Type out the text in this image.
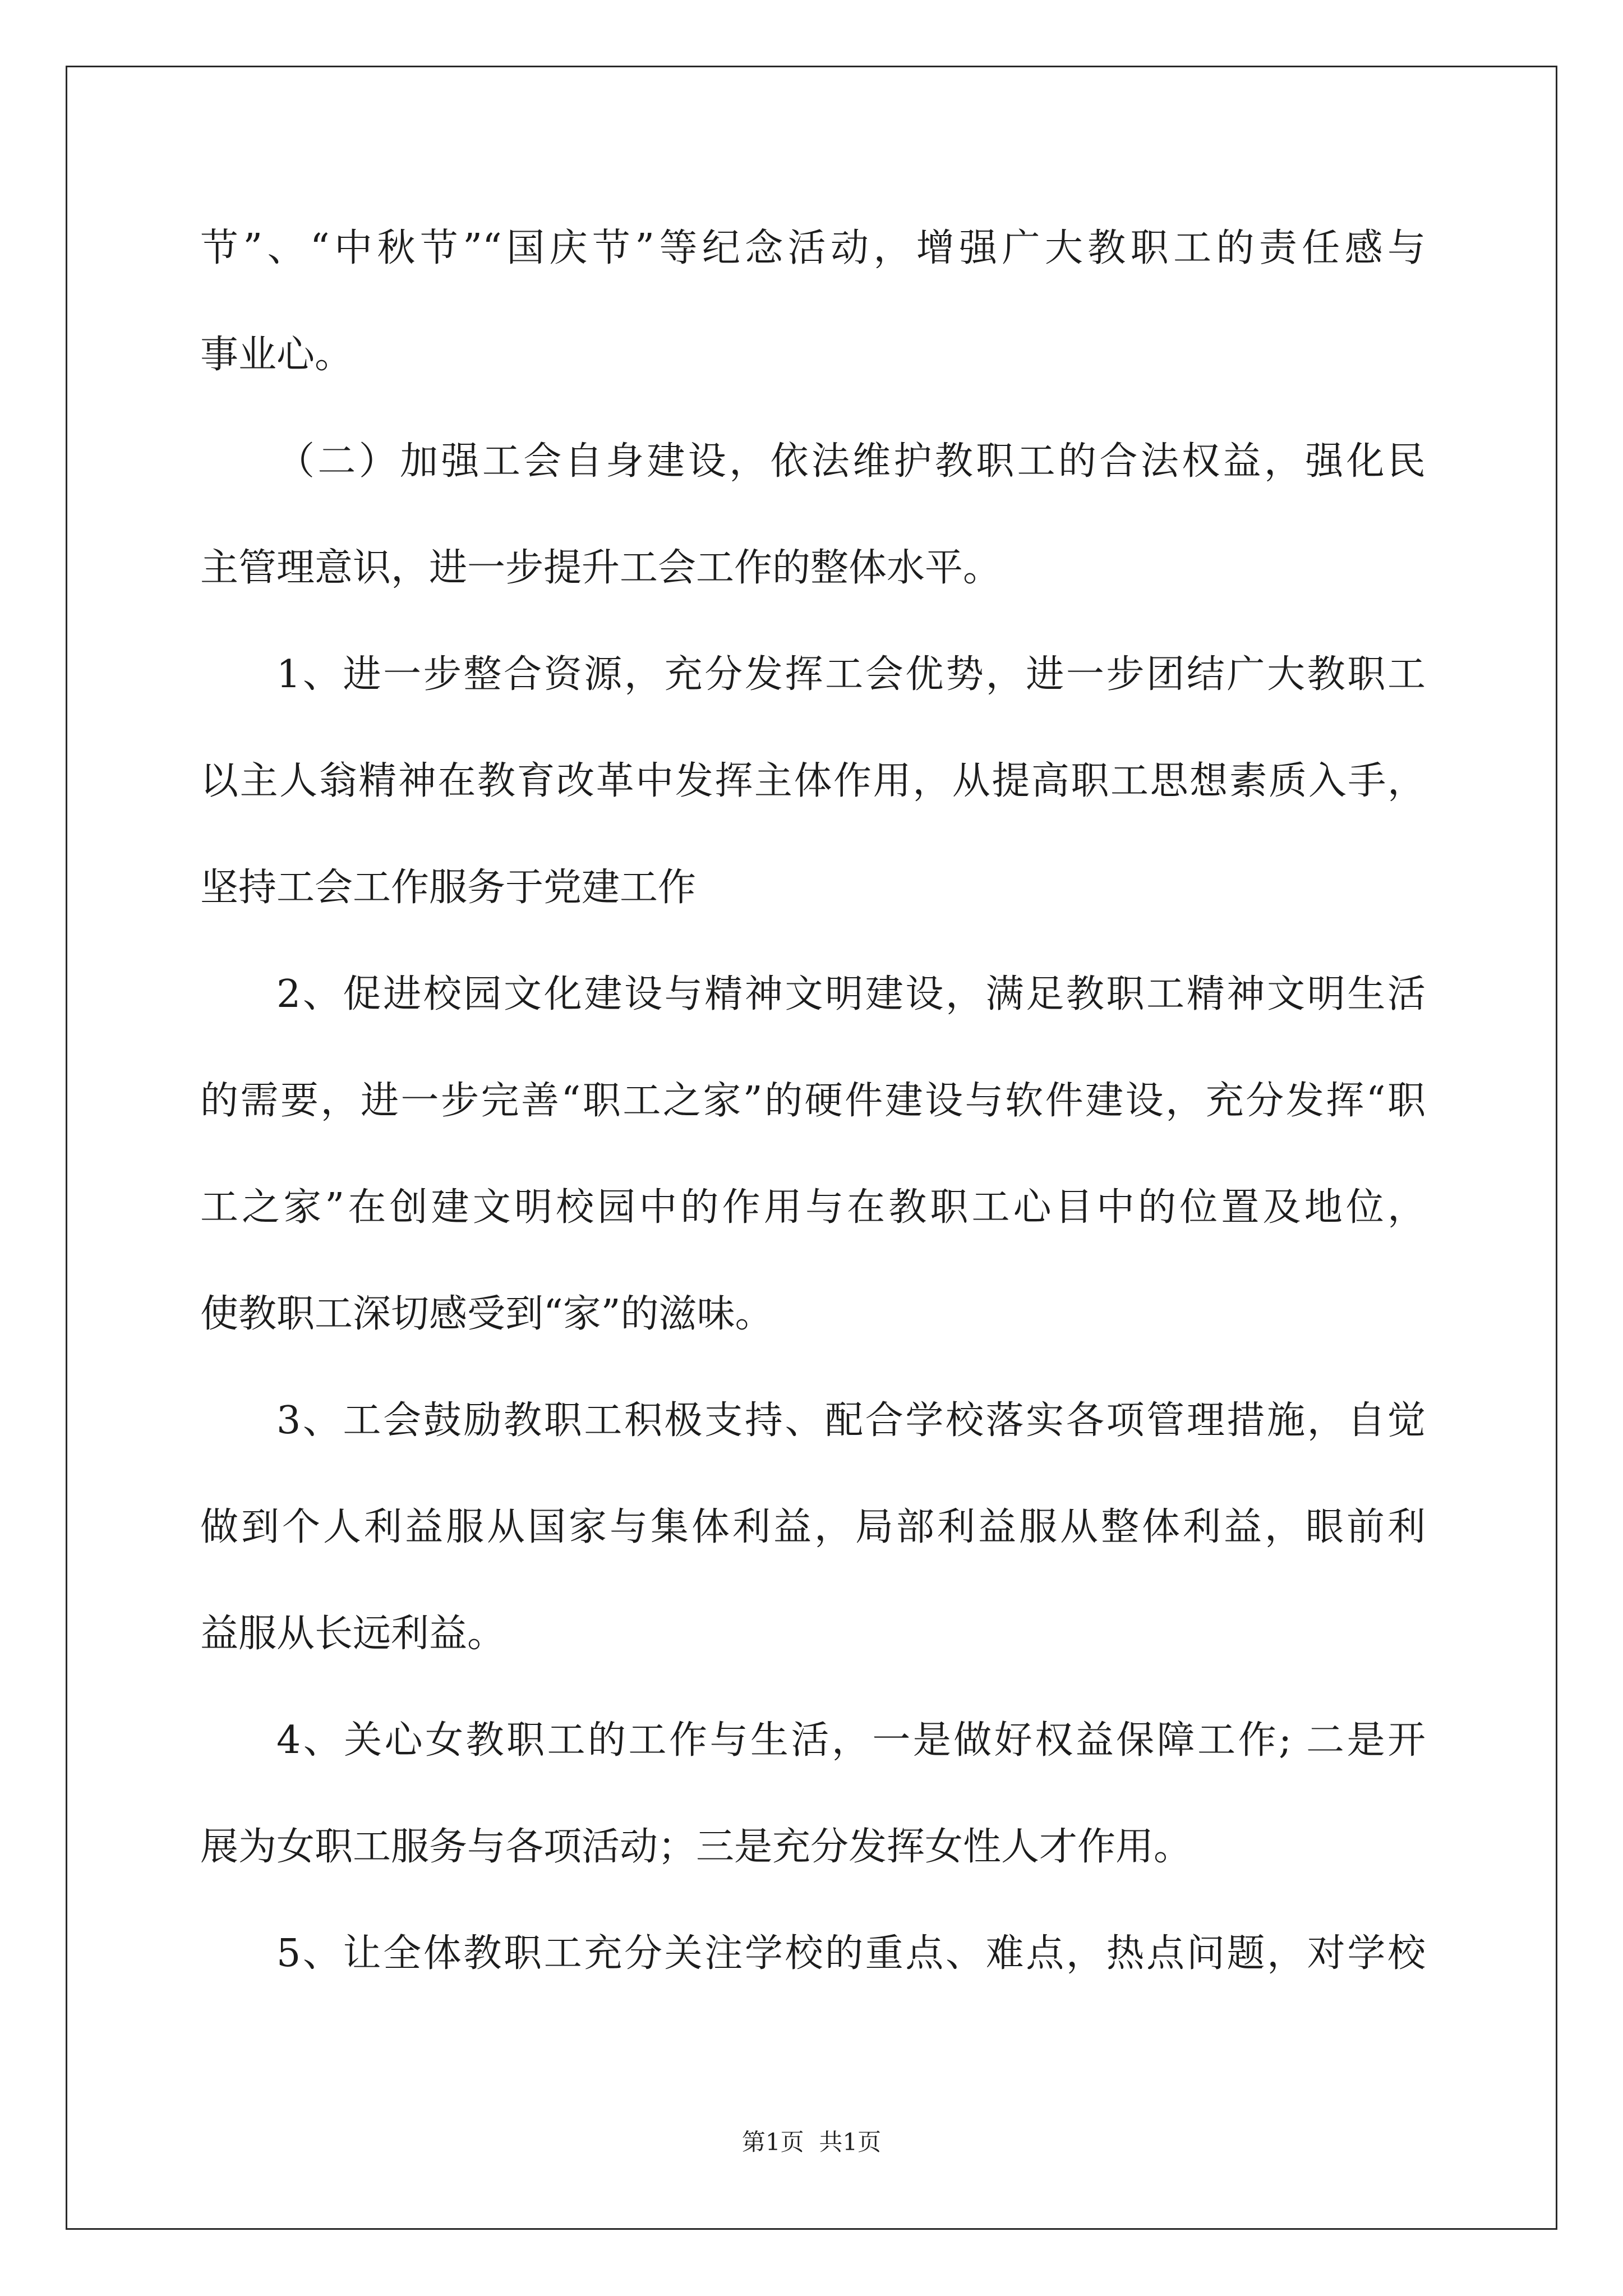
节”、“中秋节”“国庆节”等纪念活动，增强广大教职工的责任感与
事业心。
（二）加强工会自身建设，依法维护教职工的合法权益，强化民
主管理意识，进一步提升工会工作的整体水平。
1、进一步整合资源，充分发挥工会优势，进一步团结广大教职工
以主人翁精神在教育改革中发挥主体作用，从提高职工思想素质入手，
坚持工会工作服务于党建工作
2、促进校园文化建设与精神文明建设，满足教职工精神文明生活
的需要，进一步完善“职工之家”的硬件建设与软件建设，充分发挥“职
工之家”在创建文明校园中的作用与在教职工心目中的位置及地位，
使教职工深切感受到“家”的滋味。
3、工会鼓励教职工积极支持、配合学校落实各项管理措施，自觉
做到个人利益服从国家与集体利益，局部利益服从整体利益，眼前利
益服从长远利益。
4、关心女教职工的工作与生活，一是做好权益保障工作; 二是开
展为女职工服务与各项活动；三是充分发挥女性人才作用。
5、让全体教职工充分关注学校的重点、难点，热点问题，对学校
第1页  共1页
